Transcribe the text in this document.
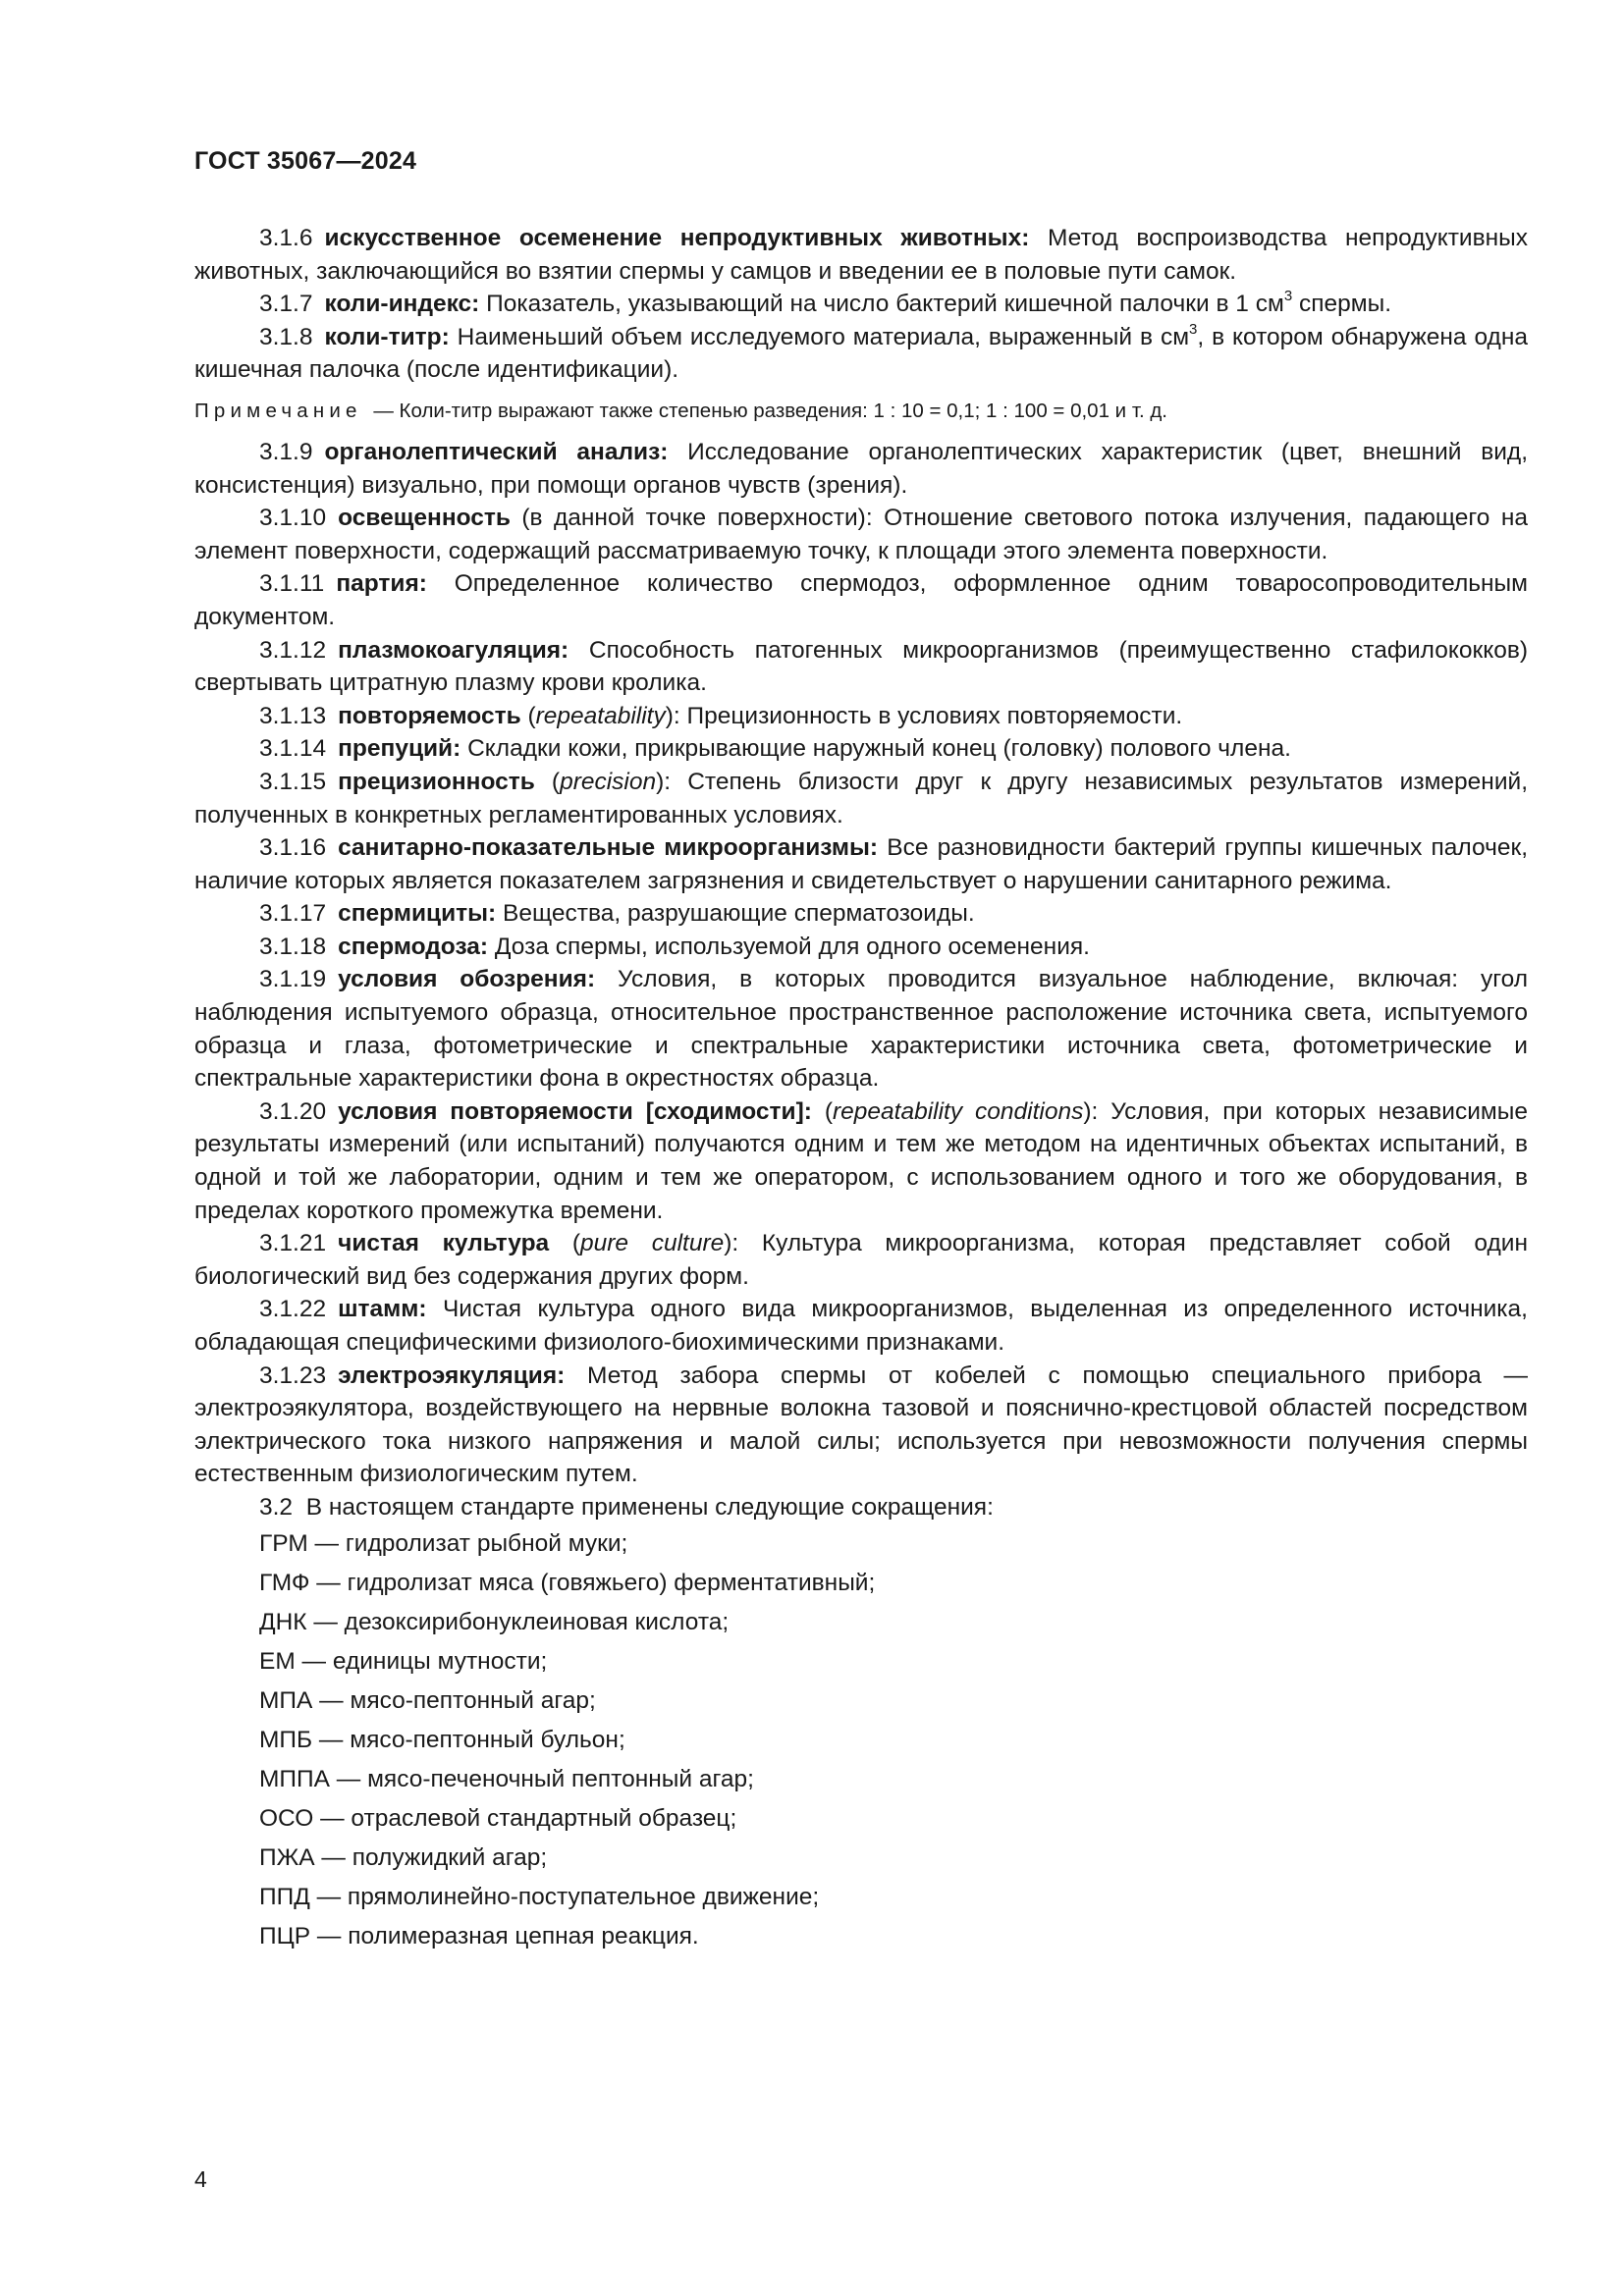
ГОСТ 35067—2024

3.1.6 искусственное осеменение непродуктивных животных: Метод воспроизводства непродуктивных животных, заключающийся во взятии спермы у самцов и введении ее в половые пути самок.

3.1.7 коли-индекс: Показатель, указывающий на число бактерий кишечной палочки в 1 $см^3$ спермы.

3.1.8 коли-титр: Наименьший объем исследуемого материала, выраженный в $см^3$, в котором обнаружена одна кишечная палочка (после идентификации).

Примечание — Коли-титр выражают также степенью разведения: 1 : 10 = 0,1; 1 : 100 = 0,01 и т. д.

3.1.9 органолептический анализ: Исследование органолептических характеристик (цвет, внешний вид, консистенция) визуально, при помощи органов чувств (зрения).

3.1.10 освещенность (в данной точке поверхности): Отношение светового потока излучения, падающего на элемент поверхности, содержащий рассматриваемую точку, к площади этого элемента поверхности.

3.1.11 партия: Определенное количество спермодоз, оформленное одним товаросопроводительным документом.

3.1.12 плазмокоагуляция: Способность патогенных микроорганизмов (преимущественно стафилококков) свертывать цитратную плазму крови кролика.

3.1.13 повторяемость (repeatability): Прецизионность в условиях повторяемости.

3.1.14 препуций: Складки кожи, прикрывающие наружный конец (головку) полового члена.

3.1.15 прецизионность (precision): Степень близости друг к другу независимых результатов измерений, полученных в конкретных регламентированных условиях.

3.1.16 санитарно-показательные микроорганизмы: Все разновидности бактерий группы кишечных палочек, наличие которых является показателем загрязнения и свидетельствует о нарушении санитарного режима.

3.1.17 спермициты: Вещества, разрушающие сперматозоиды.

3.1.18 спермодоза: Доза спермы, используемой для одного осеменения.

3.1.19 условия обозрения: Условия, в которых проводится визуальное наблюдение, включая: угол наблюдения испытуемого образца, относительное пространственное расположение источника света, испытуемого образца и глаза, фотометрические и спектральные характеристики источника света, фотометрические и спектральные характеристики фона в окрестностях образца.

3.1.20 условия повторяемости [сходимости]: (repeatability conditions): Условия, при которых независимые результаты измерений (или испытаний) получаются одним и тем же методом на идентичных объектах испытаний, в одной и той же лаборатории, одним и тем же оператором, с использованием одного и того же оборудования, в пределах короткого промежутка времени.

3.1.21 чистая культура (pure culture): Культура микроорганизма, которая представляет собой один биологический вид без содержания других форм.

3.1.22 штамм: Чистая культура одного вида микроорганизмов, выделенная из определенного источника, обладающая специфическими физиолого-биохимическими признаками.

3.1.23 электроэякуляция: Метод забора спермы от кобелей с помощью специального прибора — электроэякулятора, воздействующего на нервные волокна тазовой и пояснично-крестцовой областей посредством электрического тока низкого напряжения и малой силы; используется при невозможности получения спермы естественным физиологическим путем.

3.2 В настоящем стандарте применены следующие сокращения:

ГРМ — гидролизат рыбной муки;

ГМФ — гидролизат мяса (говяжьего) ферментативный;

ДНК — дезоксирибонуклеиновая кислота;

ЕМ — единицы мутности;

МПА — мясо-пептонный агар;

МПБ — мясо-пептонный бульон;

МППА — мясо-печеночный пептонный агар;

ОСО — отраслевой стандартный образец;

ПЖА — полужидкий агар;

ППД — прямолинейно-поступательное движение;

ПЦР — полимеразная цепная реакция.

4
